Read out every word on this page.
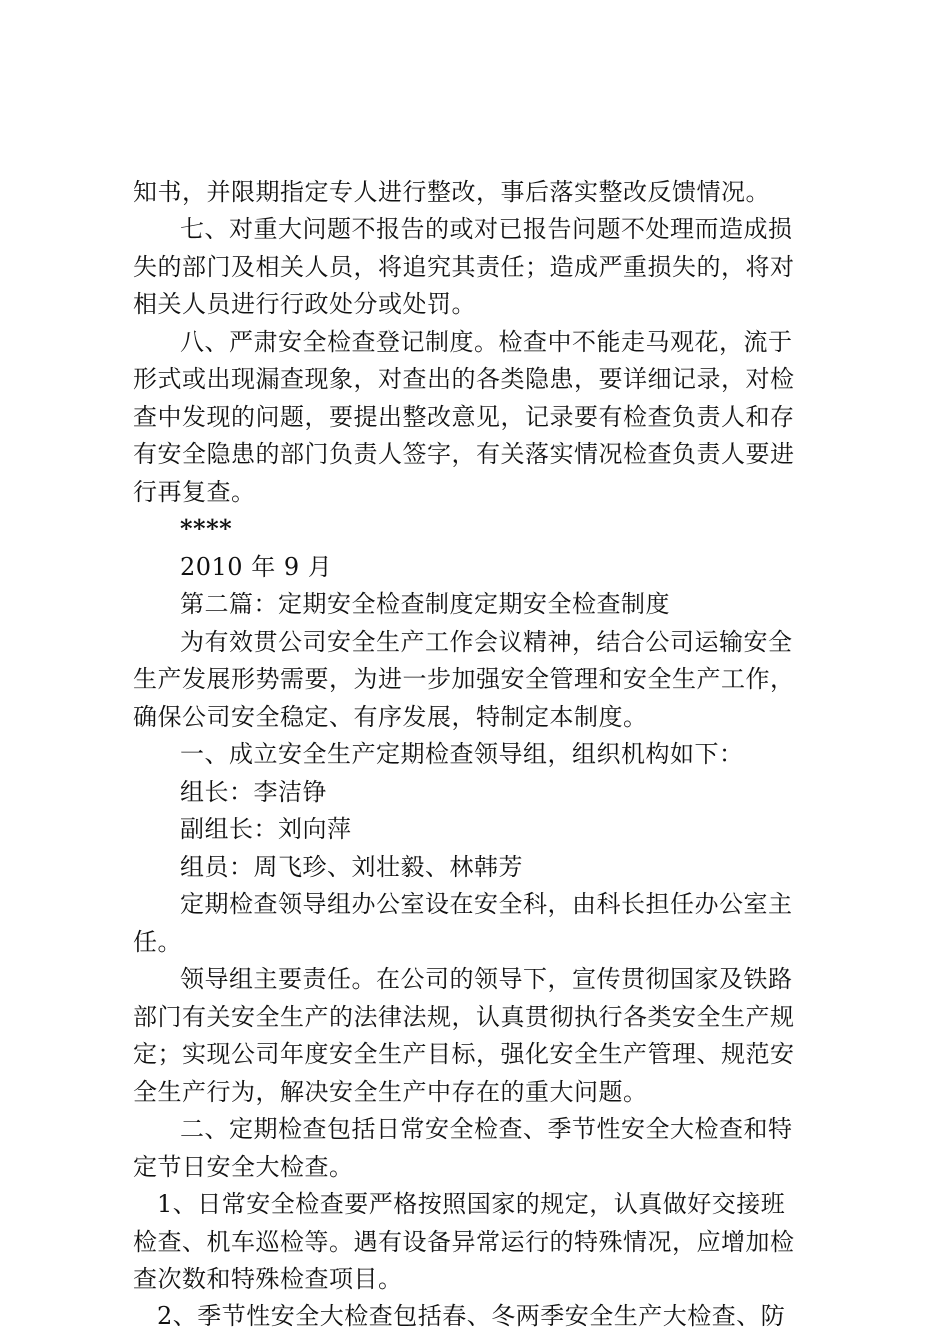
知书，并限期指定专人进行整改，事后落实整改反馈情况。
七、对重大问题不报告的或对已报告问题不处理而造成损
失的部门及相关人员，将追究其责任；造成严重损失的，将对
相关人员进行行政处分或处罚。
八、严肃安全检查登记制度。检查中不能走马观花，流于
形式或出现漏查现象，对查出的各类隐患，要详细记录，对检
查中发现的问题，要提出整改意见，记录要有检查负责人和存
有安全隐患的部门负责人签字，有关落实情况检查负责人要进
行再复查。
****
2010 年 9 月
第二篇：定期安全检查制度定期安全检查制度
为有效贯公司安全生产工作会议精神，结合公司运输安全
生产发展形势需要，为进一步加强安全管理和安全生产工作，
确保公司安全稳定、有序发展，特制定本制度。
一、成立安全生产定期检查领导组，组织机构如下：
组长：李洁铮
副组长：刘向萍
组员：周飞珍、刘壮毅、林韩芳
定期检查领导组办公室设在安全科，由科长担任办公室主
任。
领导组主要责任。在公司的领导下，宣传贯彻国家及铁路
部门有关安全生产的法律法规，认真贯彻执行各类安全生产规
定；实现公司年度安全生产目标，强化安全生产管理、规范安
全生产行为，解决安全生产中存在的重大问题。
二、定期检查包括日常安全检查、季节性安全大检查和特
定节日安全大检查。
1、日常安全检查要严格按照国家的规定，认真做好交接班
检查、机车巡检等。遇有设备异常运行的特殊情况，应增加检
查次数和特殊检查项目。
2、季节性安全大检查包括春、冬两季安全生产大检查、防
